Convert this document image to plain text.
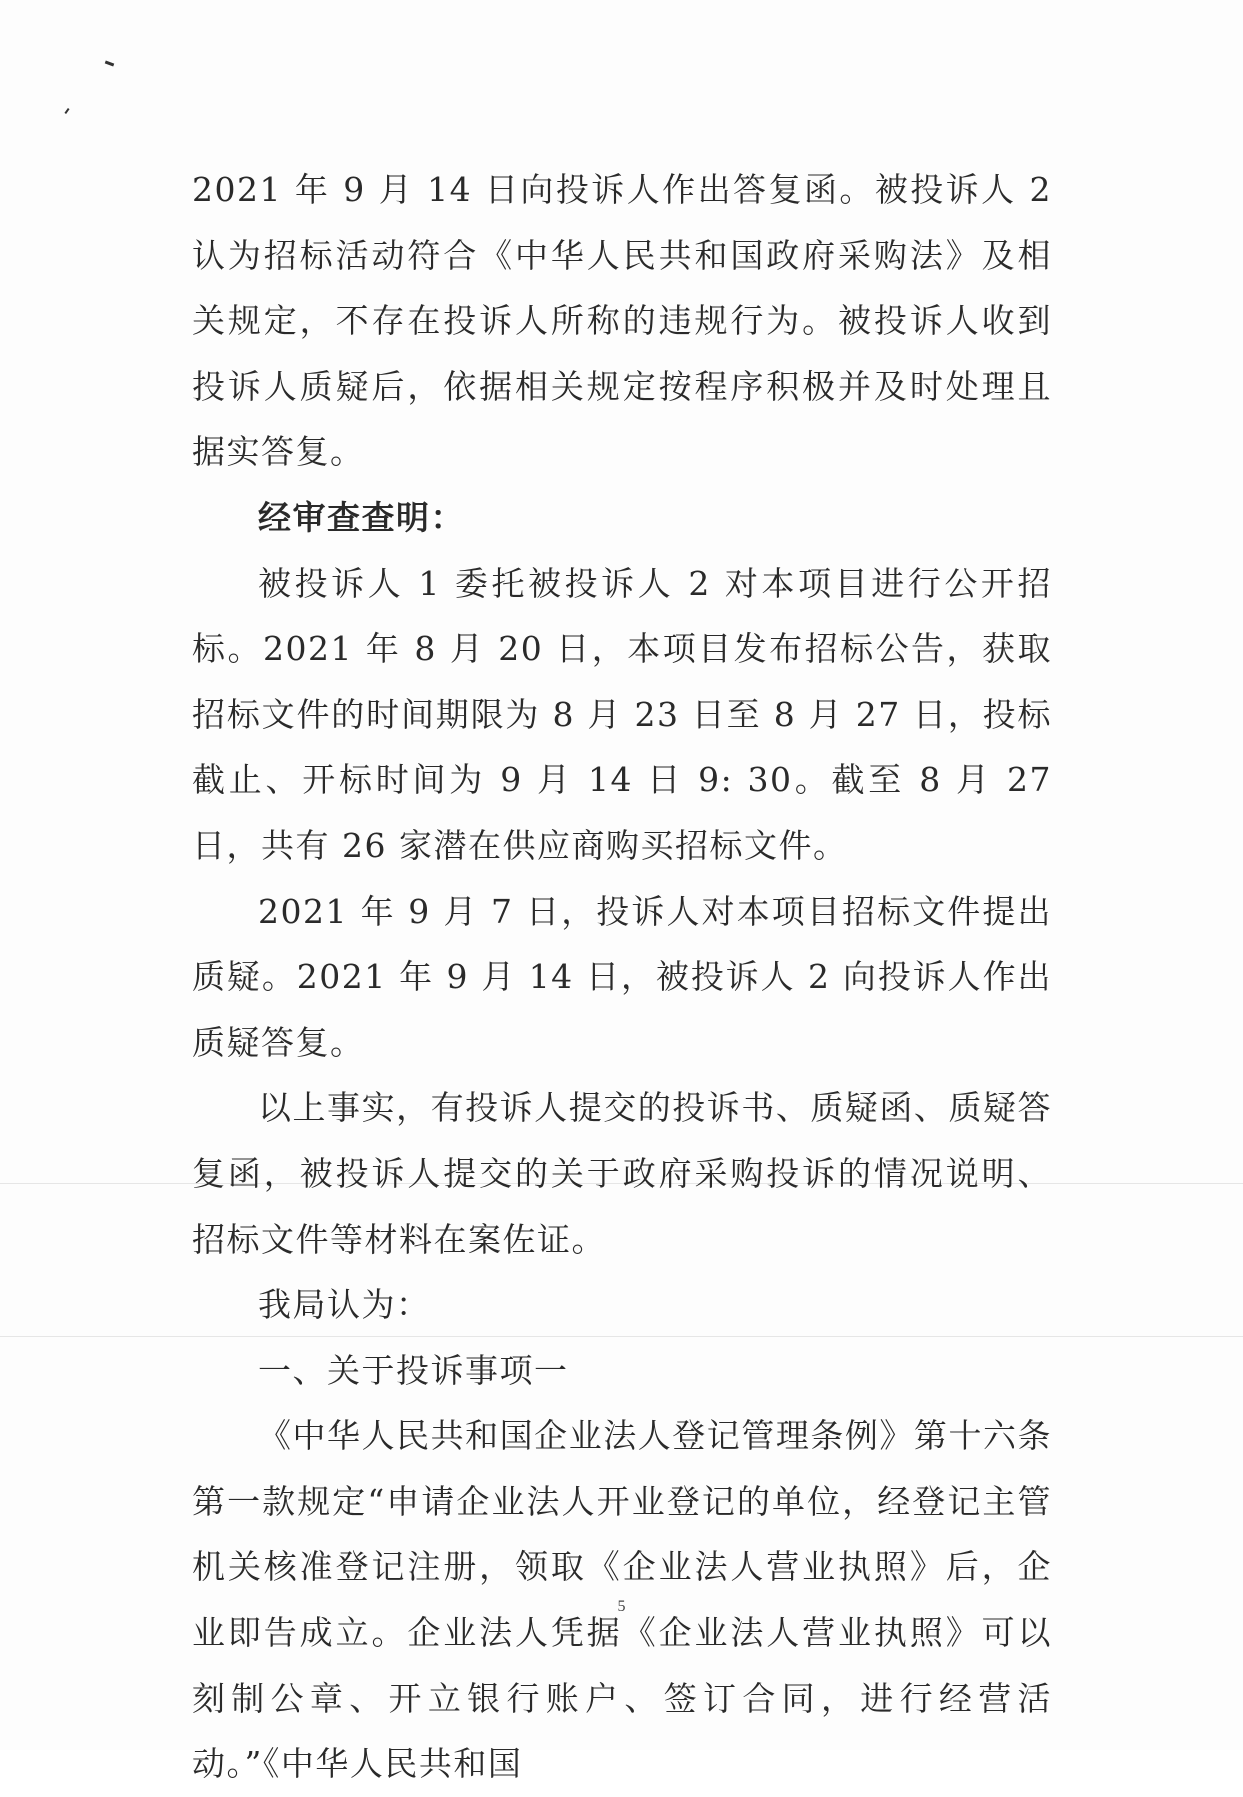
2021 年 9 月 14 日向投诉人作出答复函。被投诉人 2 认为招标活动符合《中华人民共和国政府采购法》及相关规定，不存在投诉人所称的违规行为。被投诉人收到投诉人质疑后，依据相关规定按程序积极并及时处理且据实答复。

经审查查明：

被投诉人 1 委托被投诉人 2 对本项目进行公开招标。2021 年 8 月 20 日，本项目发布招标公告，获取招标文件的时间期限为 8 月 23 日至 8 月 27 日，投标截止、开标时间为 9 月 14 日 9: 30。截至 8 月 27 日，共有 26 家潜在供应商购买招标文件。

2021 年 9 月 7 日，投诉人对本项目招标文件提出质疑。2021 年 9 月 14 日，被投诉人 2 向投诉人作出质疑答复。

以上事实，有投诉人提交的投诉书、质疑函、质疑答复函，被投诉人提交的关于政府采购投诉的情况说明、招标文件等材料在案佐证。

我局认为：

一、关于投诉事项一

《中华人民共和国企业法人登记管理条例》第十六条第一款规定“申请企业法人开业登记的单位，经登记主管机关核准登记注册，领取《企业法人营业执照》后，企业即告成立。企业法人凭据《企业法人营业执照》可以刻制公章、开立银行账户、签订合同，进行经营活动。”《中华人民共和国

5
